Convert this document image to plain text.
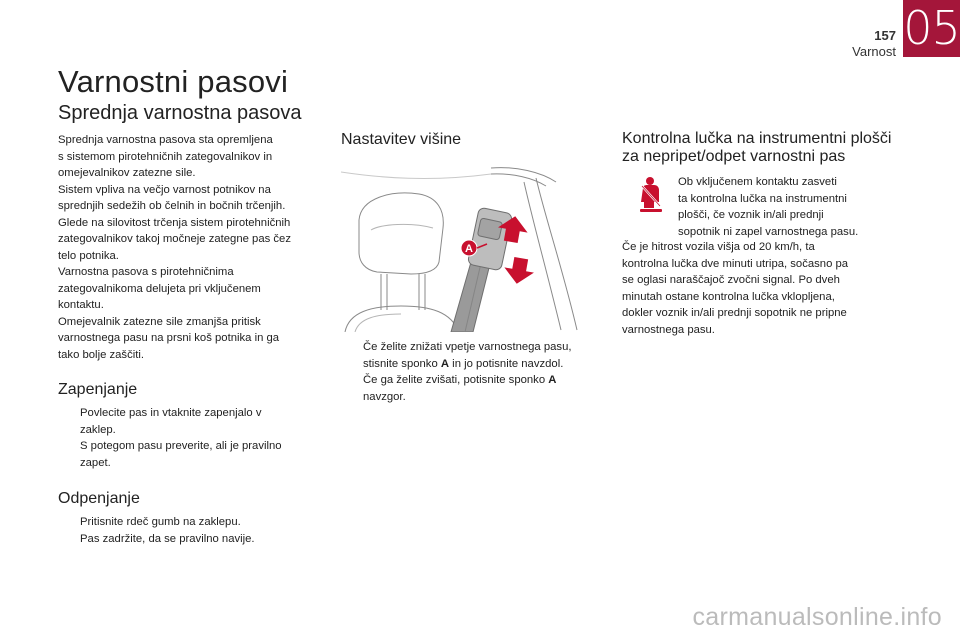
05
157
Varnost
Varnostni pasovi
Sprednja varnostna pasova
Sprednja varnostna pasova sta opremljena
s sistemom pirotehničnih zategovalnikov in
omejevalnikov zatezne sile.
Sistem vpliva na večjo varnost potnikov na
sprednjih sedežih ob čelnih in bočnih trčenjih.
Glede na silovitost trčenja sistem pirotehničnih
zategovalnikov takoj močneje zategne pas čez
telo potnika.
Varnostna pasova s pirotehničnima
zategovalnikoma delujeta pri vključenem
kontaktu.
Omejevalnik zatezne sile zmanjša pritisk
varnostnega pasu na prsni koš potnika in ga
tako bolje zaščiti.
Zapenjanje
Povlecite pas in vtaknite zapenjalo v
zaklep.
S potegom pasu preverite, ali je pravilno
zapet.
Odpenjanje
Pritisnite rdeč gumb na zaklepu.
Pas zadržite, da se pravilno navije.
Nastavitev višine
A
Če želite znižati vpetje varnostnega pasu,
stisnite sponko A in jo potisnite navzdol.
Če ga želite zvišati, potisnite sponko A
navzgor.
Kontrolna lučka na instrumentni plošči
za nepripet/odpet varnostni pas
Ob vključenem kontaktu zasveti
ta kontrolna lučka na instrumentni
plošči, če voznik in/ali prednji
sopotnik ni zapel varnostnega pasu.
Če je hitrost vozila višja od 20 km/h, ta
kontrolna lučka dve minuti utripa, sočasno pa
se oglasi naraščajoč zvočni signal. Po dveh
minutah ostane kontrolna lučka vklopljena,
dokler voznik in/ali prednji sopotnik ne pripne
varnostnega pasu.
carmanualsonline.info
